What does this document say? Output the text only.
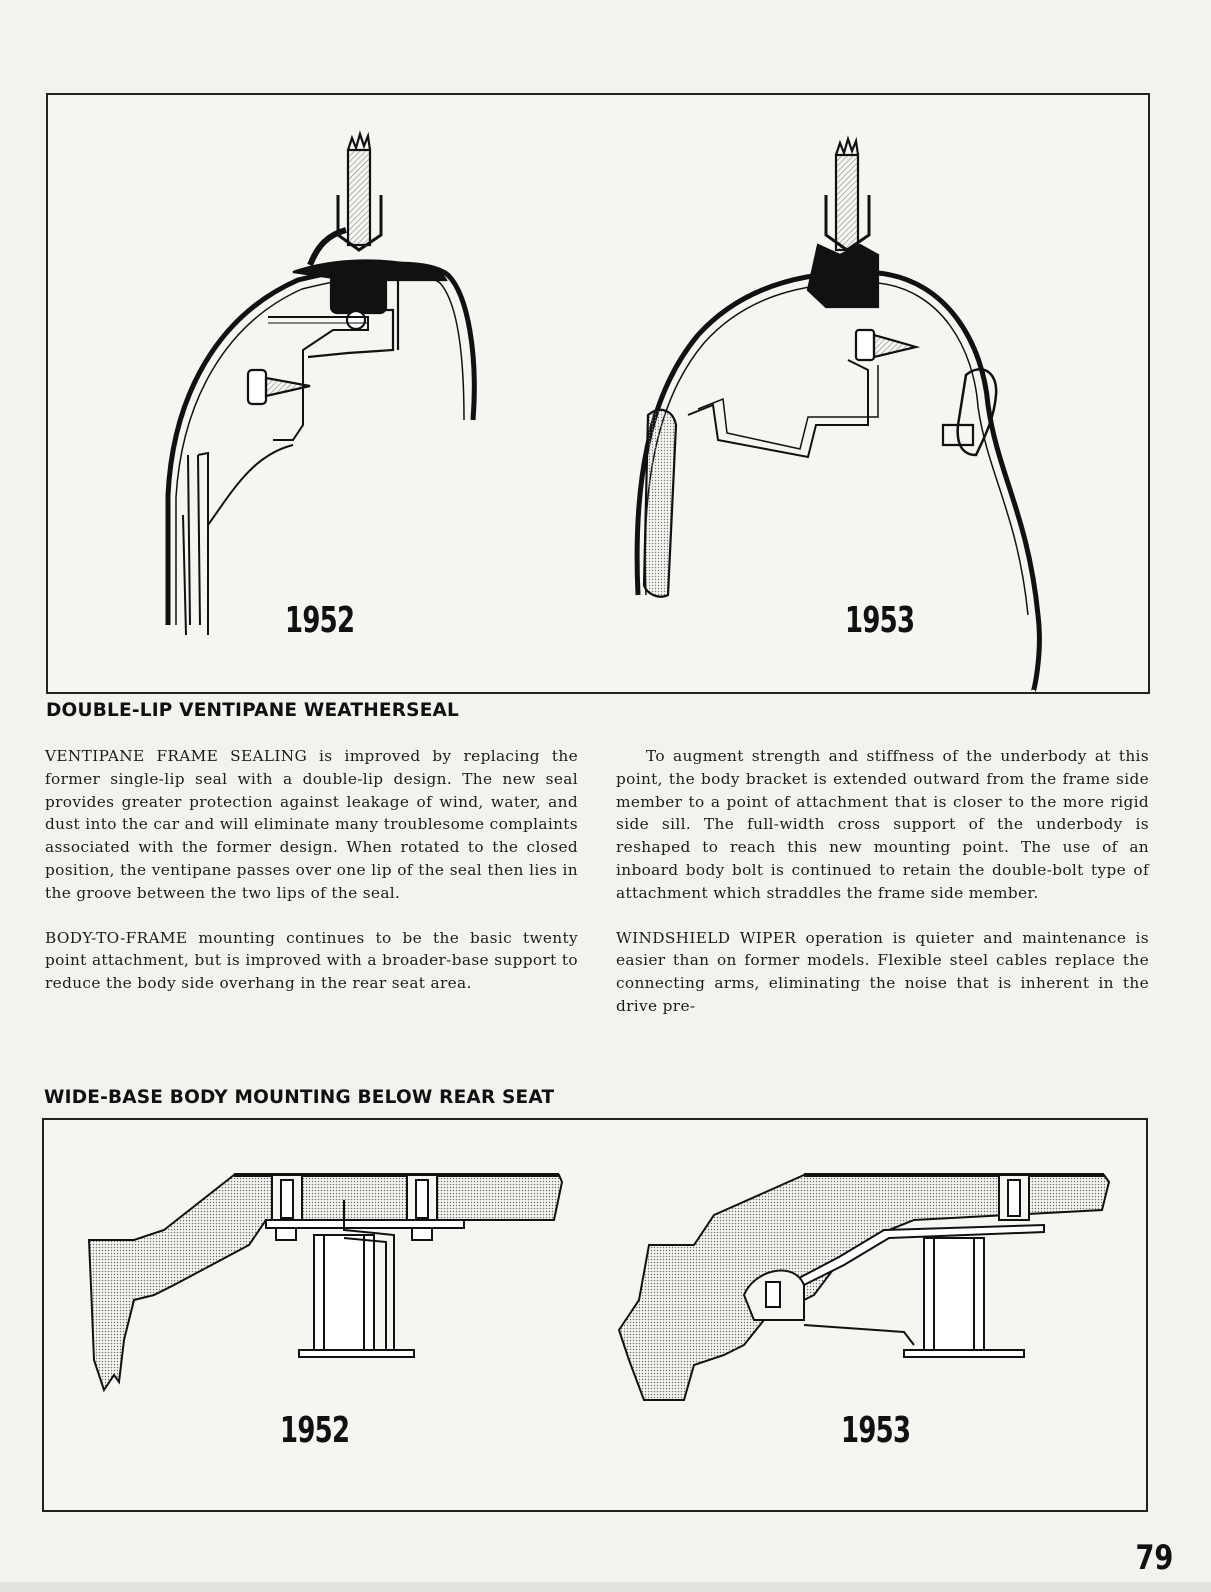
1952	1953
DOUBLE-LIP VENTIPANE WEATHERSEAL

VENTIPANE FRAME SEALING is improved by replacing the former single-lip seal with a double-lip design. The new seal provides greater protection against leakage of wind, water, and dust into the car and will eliminate many troublesome complaints associated with the former design. When rotated to the closed position, the ventipane passes over one lip of the seal then lies in the groove between the two lips of the seal.

BODY-TO-FRAME mounting continues to be the basic twenty point attachment, but is improved with a broader-base support to reduce the body side overhang in the rear seat area.

To augment strength and stiffness of the underbody at this point, the body bracket is extended outward from the frame side member to a point of attachment that is closer to the more rigid side sill. The full-width cross support of the underbody is reshaped to reach this new mounting point. The use of an inboard body bolt is continued to retain the double-bolt type of attachment which straddles the frame side member.

WINDSHIELD WIPER operation is quieter and maintenance is easier than on former models. Flexible steel cables replace the connecting arms, eliminating the noise that is inherent in the drive pre-

WIDE-BASE BODY MOUNTING BELOW REAR SEAT
1952	1953
79
